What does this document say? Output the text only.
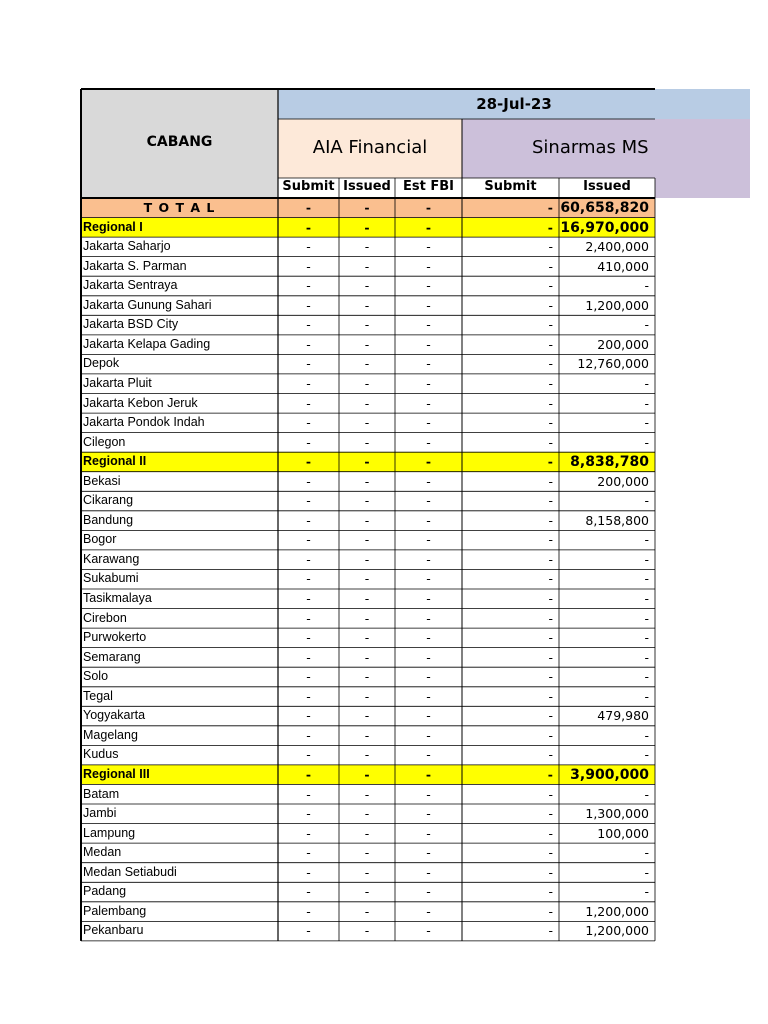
28-Jul-23
CABANG	AIA Financial	Sinarmas MS
Submit Issued Est FBI	Submit	Issued
T O T A L	-	-	-	- 60,658,820
Regional I	-	-	-	- 16,970,000
Jakarta Saharjo	-	-	-	-	2,400,000
Jakarta S. Parman	-	-	-	-	410,000
Jakarta Sentraya	-	-	-	-	-
Jakarta Gunung Sahari	-	-	-	-	1,200,000
Jakarta BSD City	-	-	-	-	-
Jakarta Kelapa Gading	-	-	-	-	200,000
Depok	-	-	-	-	12,760,000
Jakarta Pluit	-	-	-	-	-
Jakarta Kebon Jeruk	-	-	-	-	-
Jakarta Pondok Indah	-	-	-	-	-
Cilegon	-	-	-	-	-
Regional II	-	-	-	-	8,838,780
Bekasi	-	-	-	-	200,000
Cikarang	-	-	-	-	-
Bandung	-	-	-	-	8,158,800
Bogor	-	-	-	-	-
Karawang	-	-	-	-	-
Sukabumi	-	-	-	-	-
Tasikmalaya	-	-	-	-	-
Cirebon	-	-	-	-	-
Purwokerto	-	-	-	-	-
Semarang	-	-	-	-	-
Solo	-	-	-	-	-
Tegal	-	-	-	-	-
Yogyakarta	-	-	-	-	479,980
Magelang	-	-	-	-	-
Kudus	-	-	-	-	-
Regional III	-	-	-	-	3,900,000
Batam	-	-	-	-	-
Jambi	-	-	-	-	1,300,000
Lampung	-	-	-	-	100,000
Medan	-	-	-	-	-
Medan Setiabudi	-	-	-	-	-
Padang	-	-	-	-	-
Palembang	-	-	-	-	1,200,000
Pekanbaru	-	-	-	-	1,200,000
